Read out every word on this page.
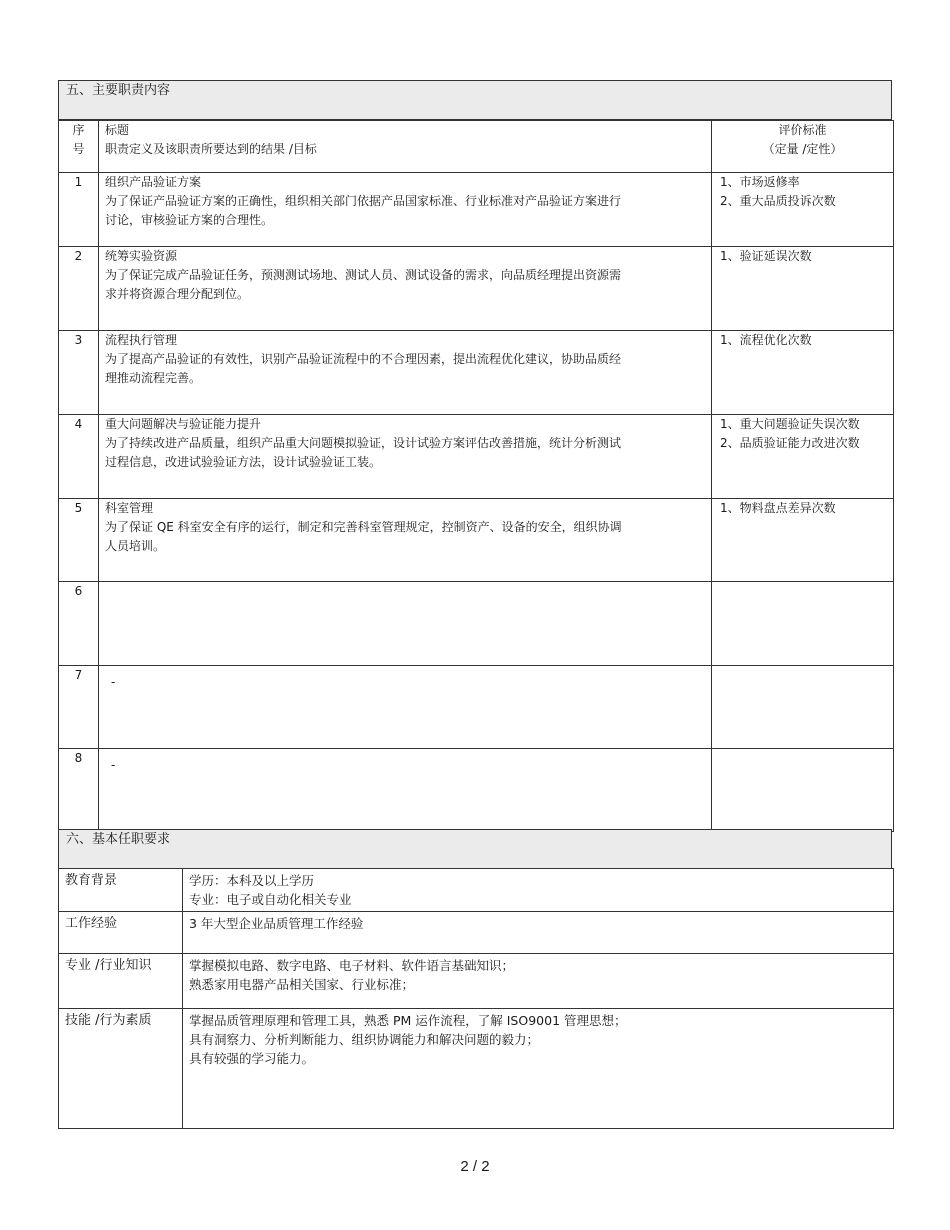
五、主要职责内容
序
号	标题
职责定义及该职责所要达到的结果 /目标	评价标准
（定量 /定性）

1	组织产品验证方案
为了保证产品验证方案的正确性，组织相关部门依据产品国家标准、行业标准对产品验证方案进行讨论，审核验证方案的合理性。	1、市场返修率
2、重大品质投诉次数

2	统筹实验资源
为了保证完成产品验证任务，预测测试场地、测试人员、测试设备的需求，向品质经理提出资源需求并将资源合理分配到位。	1、验证延误次数

3	流程执行管理
为了提高产品验证的有效性，识别产品验证流程中的不合理因素，提出流程优化建议，协助品质经理推动流程完善。	1、流程优化次数

4	重大问题解决与验证能力提升
为了持续改进产品质量，组织产品重大问题模拟验证，设计试验方案评估改善措施，统计分析测试过程信息，改进试验验证方法，设计试验验证工装。	1、重大问题验证失误次数
2、品质验证能力改进次数

5	科室管理
为了保证 QE 科室安全有序的运行，制定和完善科室管理规定，控制资产、设备的安全，组织协调人员培训。	1、物料盘点差异次数

6		
7	-	

8	-	

六、基本任职要求
教育背景	学历：本科及以上学历
专业：电子或自动化相关专业

工作经验	3 年大型企业品质管理工作经验

专业 /行业知识	掌握模拟电路、数字电路、电子材料、软件语言基础知识；
熟悉家用电器产品相关国家、行业标准；

技能 /行为素质	掌握品质管理原理和管理工具，熟悉 PM 运作流程，了解 ISO9001 管理思想；
具有洞察力、分析判断能力、组织协调能力和解决问题的毅力；
具有较强的学习能力。
2 / 2
